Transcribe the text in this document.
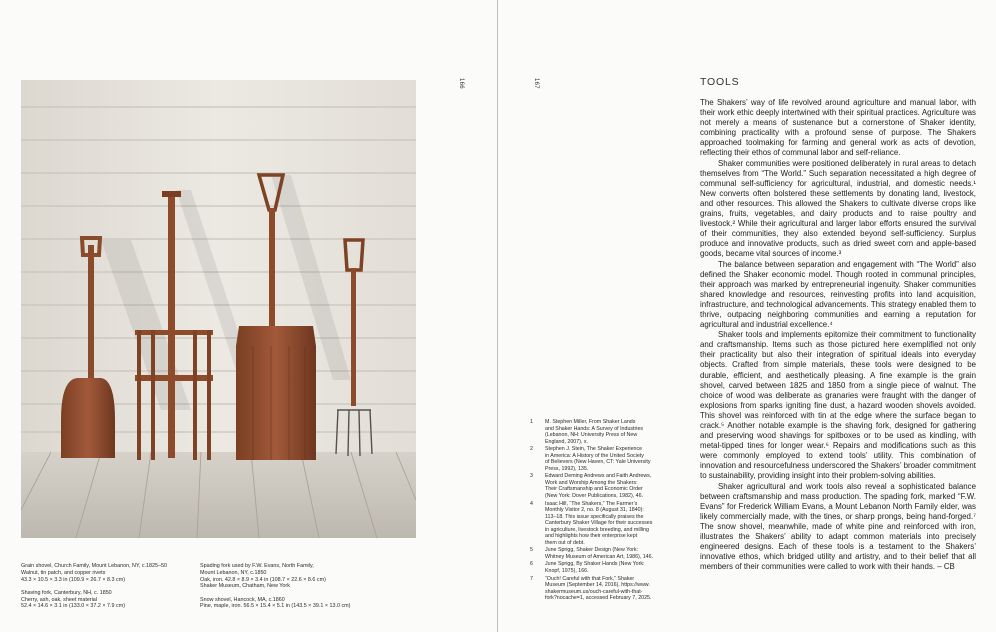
166
Grain shovel, Church Family, Mount Lebanon, NY, c.1825–50
Walnut, tin patch, and copper rivets
43.3 × 10.5 × 3.3 in (109.9 × 26.7 × 8.3 cm)
Shaving fork, Canterbury, NH, c. 1850
Cherry, ash, oak, sheet material
52.4 × 14.6 × 3.1 in (133.0 × 37.2 × 7.9 cm)
Spading fork used by F.W. Evans, North Family,
Mount Lebanon, NY, c.1850
Oak, iron. 42.8 × 8.9 × 3.4 in (108.7 × 22.6 × 8.6 cm)
Shaker Museum, Chatham, New York
Snow shovel, Hancock, MA, c.1860
Pine, maple, iron. 56.5 × 15.4 × 5.1 in (143.5 × 39.1 × 13.0 cm)
167
1 M. Stephen Miller, From Shaker Lands
and Shaker Hands: A Survey of Industries
(Lebanon, NH: University Press of New
England, 2007), x.
2 Stephen J. Stein, The Shaker Experience
in America: A History of the United Society
of Believers (New Haven, CT: Yale University
Press, 1992), 135.
3 Edward Deming Andrews and Faith Andrews,
Work and Worship Among the Shakers:
Their Craftsmanship and Economic Order
(New York: Dover Publications, 1982), 46.
4 Isaac Hill, “The Shakers,” The Farmer’s
Monthly Visitor 2, no. 8 (August 31, 1840):
113–18. This issue specifically praises the
Canterbury Shaker Village for their successes
in agriculture, livestock breeding, and milling
and highlights how their enterprise kept
them out of debt.
5 June Sprigg, Shaker Design (New York:
Whitney Museum of American Art, 1986), 146.
6 June Sprigg, By Shaker Hands (New York:
Knopf, 1975), 166.
7 “Ouch! Careful with that Fork,” Shaker
Museum (September 14, 2016), https://www.
shakermuseum.us/ouch-careful-with-that-
fork?nocache=1, accessed February 7, 2025.
TOOLS

The Shakers’ way of life revolved around agriculture and manual labor, with their work ethic deeply intertwined with their spiritual practices. Agriculture was not merely a means of sustenance but a cornerstone of Shaker identity, combining practicality with a profound sense of purpose. The Shakers approached toolmaking for farming and general work as acts of devotion, reflecting their ethos of communal labor and self-reliance.

Shaker communities were positioned deliberately in rural areas to detach themselves from “The World.” Such separation necessitated a high degree of communal self-sufficiency for agricultural, industrial, and domestic needs.¹ New converts often bolstered these settlements by donating land, livestock, and other resources. This allowed the Shakers to cultivate diverse crops like grains, fruits, vegetables, and dairy products and to raise poultry and livestock.² While their agricultural and larger labor efforts ensured the survival of their communities, they also extended beyond self-sufficiency. Surplus produce and innovative products, such as dried sweet corn and apple-based goods, became vital sources of income.³

The balance between separation and engagement with “The World” also defined the Shaker economic model. Though rooted in communal principles, their approach was marked by entrepreneurial ingenuity. Shaker communities shared knowledge and resources, reinvesting profits into land acquisition, infrastructure, and technological advancements. This strategy enabled them to thrive, outpacing neighboring communities and earning a reputation for agricultural and industrial excellence.⁴

Shaker tools and implements epitomize their commitment to functionality and craftsmanship. Items such as those pictured here exemplified not only their practicality but also their integration of spiritual ideals into everyday objects. Crafted from simple materials, these tools were designed to be durable, efficient, and aesthetically pleasing. A fine example is the grain shovel, carved between 1825 and 1850 from a single piece of walnut. The choice of wood was deliberate as granaries were fraught with the danger of explosions from sparks igniting fine dust, a hazard wooden shovels avoided. This shovel was reinforced with tin at the edge where the surface began to crack.⁵ Another notable example is the shaving fork, designed for gathering and preserving wood shavings for spitboxes or to be used as kindling, with metal-tipped tines for longer wear.⁶ Repairs and modifications such as this were commonly employed to extend tools’ utility. This combination of innovation and resourcefulness underscored the Shakers’ broader commitment to sustainability, providing insight into their problem-solving abilities.

Shaker agricultural and work tools also reveal a sophisticated balance between craftsmanship and mass production. The spading fork, marked “F.W. Evans” for Frederick William Evans, a Mount Lebanon North Family elder, was likely commercially made, with the tines, or sharp prongs, being hand-forged.⁷ The snow shovel, meanwhile, made of white pine and reinforced with iron, illustrates the Shakers’ ability to adapt common materials into precisely engineered designs. Each of these tools is a testament to the Shakers’ innovative ethos, which bridged utility and artistry, and to their belief that all members of their communities were called to work with their hands. – CB
